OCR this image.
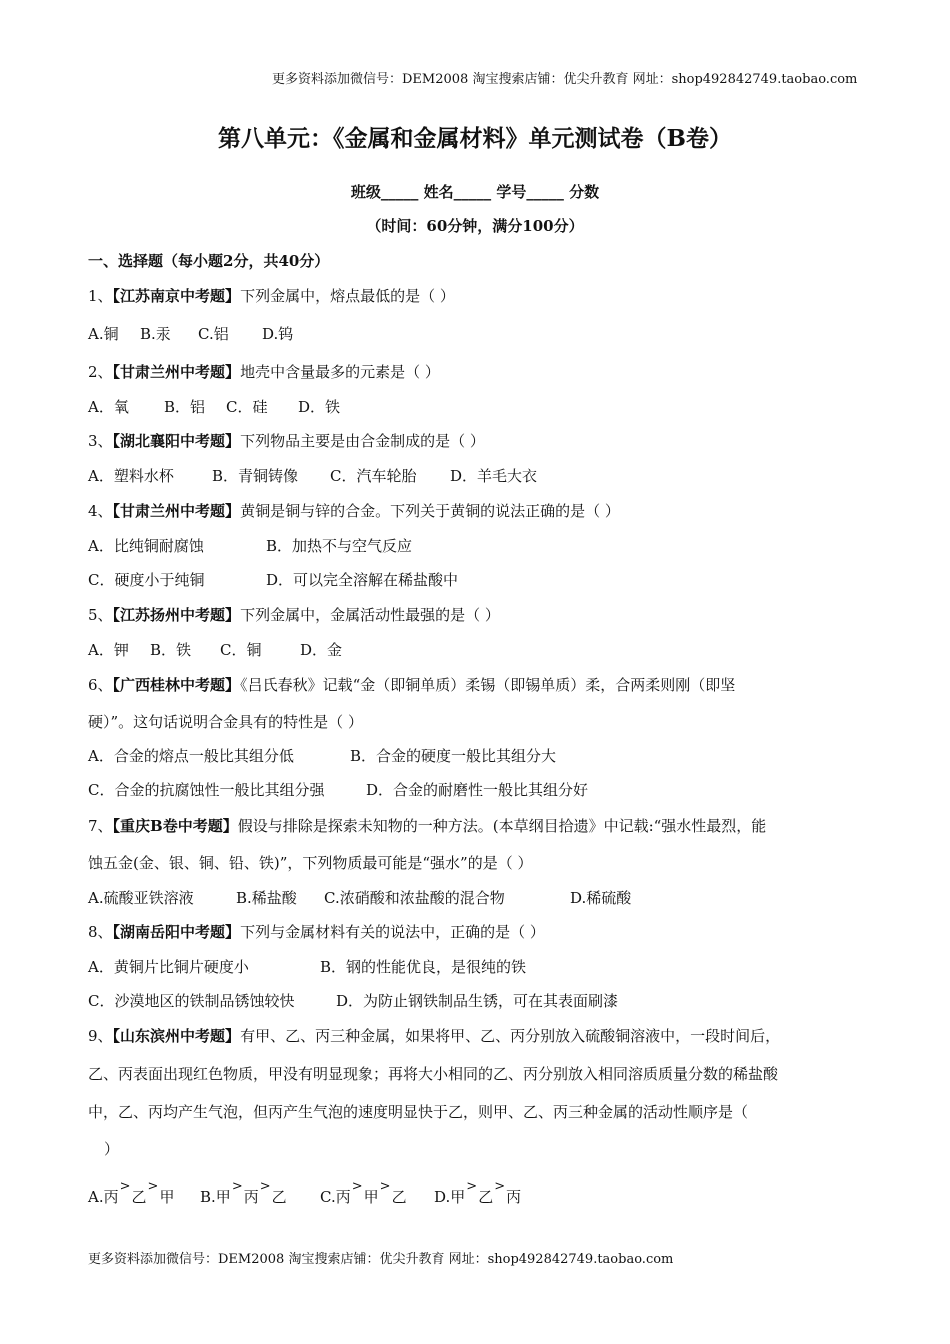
更多资料添加微信号：DEM2008 淘宝搜索店铺：优尖升教育 网址：shop492842749.taobao.com
第八单元：《金属和金属材料》单元测试卷（B卷）
班级_____ 姓名_____ 学号_____ 分数
（时间：60分钟，满分100分）
一、选择题（每小题2分，共40分）
1、【江苏南京中考题】下列金属中，熔点最低的是（ ）
A.铜 B.汞 C.铝 D.钨
2、【甘肃兰州中考题】地壳中含量最多的元素是（ ）
A．氧 B．铝 C．硅 D．铁
3、【湖北襄阳中考题】下列物品主要是由合金制成的是（ ）
A．塑料水杯	B．青铜铸像 C．汽车轮胎 D．羊毛大衣
4、【甘肃兰州中考题】黄铜是铜与锌的合金。下列关于黄铜的说法正确的是（ ）
A．比纯铜耐腐蚀	B．加热不与空气反应
C．硬度小于纯铜	D．可以完全溶解在稀盐酸中
5、【江苏扬州中考题】下列金属中，金属活动性最强的是（ ）
A．钾 B．铁 C．铜	D．金
6、【广西桂林中考题】《吕氏春秋》记载“金（即铜单质）柔锡（即锡单质）柔，合两柔则刚（即坚
硬）”。这句话说明合金具有的特性是（ ）
A．合金的熔点一般比其组分低	B．合金的硬度一般比其组分大
C．合金的抗腐蚀性一般比其组分强	D．合金的耐磨性一般比其组分好
7、【重庆B卷中考题】假设与排除是探索未知物的一种方法。(本草纲目拾遗》中记载:“强水性最烈，能
蚀五金(金、银、铜、铅、铁)”，下列物质最可能是“强水”的是（ ）
A.硫酸亚铁溶液	B.稀盐酸 C.浓硝酸和浓盐酸的混合物	D.稀硫酸
8、【湖南岳阳中考题】下列与金属材料有关的说法中，正确的是（ ）
A．黄铜片比铜片硬度小	B．钢的性能优良，是很纯的铁
C．沙漠地区的铁制品锈蚀较快	D．为防止钢铁制品生锈，可在其表面刷漆
9、【山东滨州中考题】有甲、乙、丙三种金属，如果将甲、乙、丙分别放入硫酸铜溶液中，一段时间后，
乙、丙表面出现红色物质，甲没有明显现象；再将大小相同的乙、丙分别放入相同溶质质量分数的稀盐酸
中，乙、丙均产生气泡，但丙产生气泡的速度明显快于乙，则甲、乙、丙三种金属的活动性顺序是（
）
A.丙>乙>甲 B.甲>丙>乙 C.丙>甲>乙 D.甲>乙>丙
更多资料添加微信号：DEM2008 淘宝搜索店铺：优尖升教育 网址：shop492842749.taobao.com
